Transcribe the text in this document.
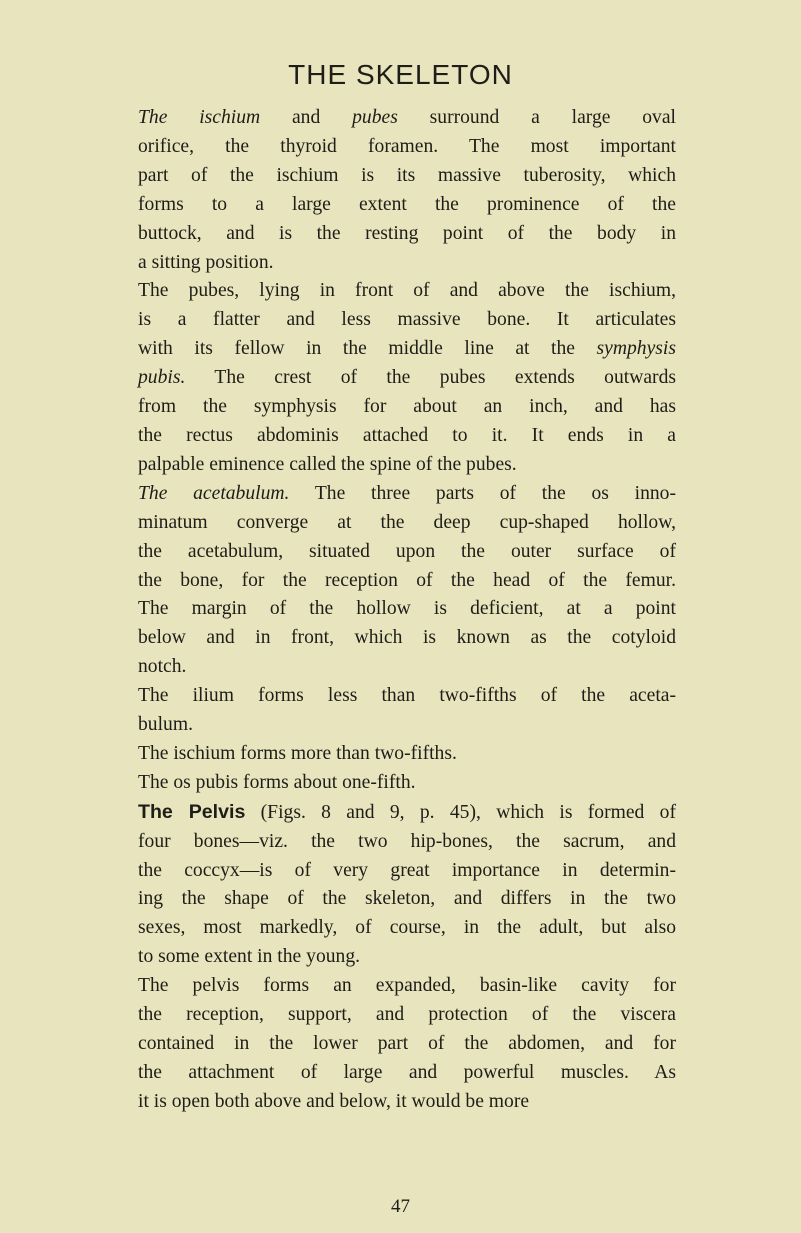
THE SKELETON
The ischium and pubes surround a large oval
orifice, the thyroid foramen. The most important
part of the ischium is its massive tuberosity, which
forms to a large extent the prominence of the
buttock, and is the resting point of the body in
a sitting position.
The pubes, lying in front of and above the ischium,
is a flatter and less massive bone. It articulates
with its fellow in the middle line at the symphysis
pubis. The crest of the pubes extends outwards
from the symphysis for about an inch, and has
the rectus abdominis attached to it. It ends in a
palpable eminence called the spine of the pubes.
The acetabulum. The three parts of the os inno-
minatum converge at the deep cup-shaped hollow,
the acetabulum, situated upon the outer surface of
the bone, for the reception of the head of the femur.
The margin of the hollow is deficient, at a point
below and in front, which is known as the cotyloid
notch.
The ilium forms less than two-fifths of the aceta-
bulum.
The ischium forms more than two-fifths.
The os pubis forms about one-fifth.
The Pelvis (Figs. 8 and 9, p. 45), which is formed of
four bones—viz. the two hip-bones, the sacrum, and
the coccyx—is of very great importance in determin-
ing the shape of the skeleton, and differs in the two
sexes, most markedly, of course, in the adult, but also
to some extent in the young.
The pelvis forms an expanded, basin-like cavity for
the reception, support, and protection of the viscera
contained in the lower part of the abdomen, and for
the attachment of large and powerful muscles. As
it is open both above and below, it would be more
47
